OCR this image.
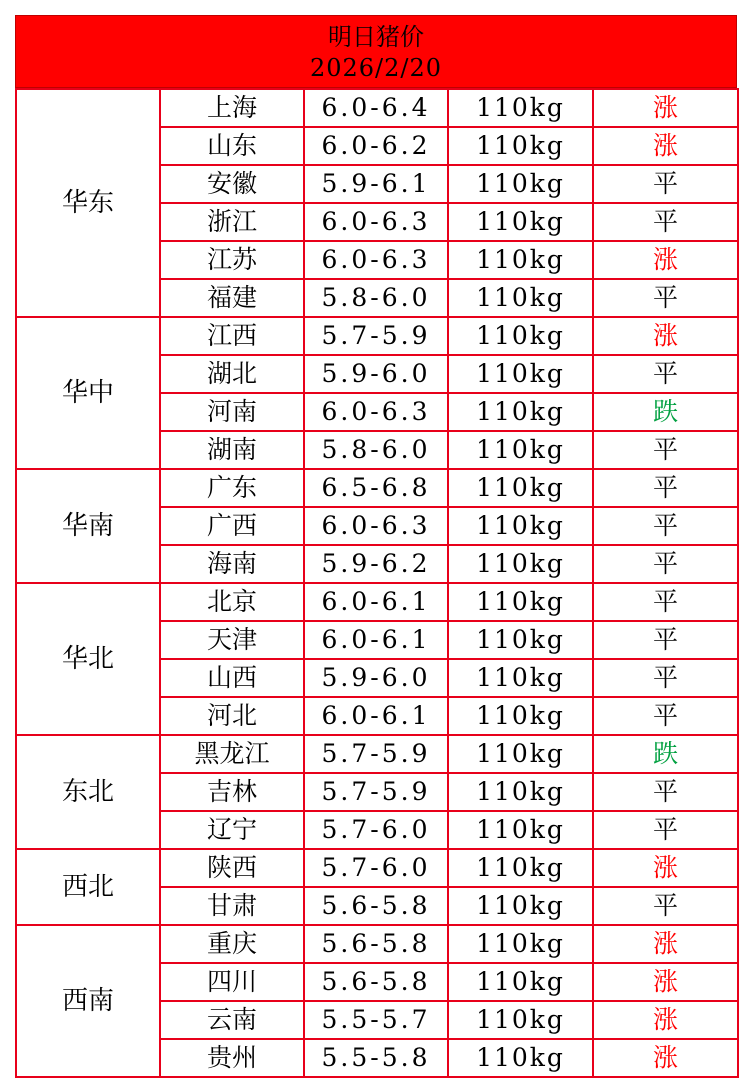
明日猪价
2026/2/20
华东	上海	6.0-6.4	110kg	涨
	山东	6.0-6.2	110kg	涨
	安徽	5.9-6.1	110kg	平
	浙江	6.0-6.3	110kg	平
	江苏	6.0-6.3	110kg	涨
	福建	5.8-6.0	110kg	平
华中	江西	5.7-5.9	110kg	涨
	湖北	5.9-6.0	110kg	平
	河南	6.0-6.3	110kg	跌
	湖南	5.8-6.0	110kg	平
华南	广东	6.5-6.8	110kg	平
	广西	6.0-6.3	110kg	平
	海南	5.9-6.2	110kg	平
华北	北京	6.0-6.1	110kg	平
	天津	6.0-6.1	110kg	平
	山西	5.9-6.0	110kg	平
	河北	6.0-6.1	110kg	平
东北	黑龙江	5.7-5.9	110kg	跌
	吉林	5.7-5.9	110kg	平
	辽宁	5.7-6.0	110kg	平
西北	陕西	5.7-6.0	110kg	涨
	甘肃	5.6-5.8	110kg	平
西南	重庆	5.6-5.8	110kg	涨
	四川	5.6-5.8	110kg	涨
	云南	5.5-5.7	110kg	涨
	贵州	5.5-5.8	110kg	涨
